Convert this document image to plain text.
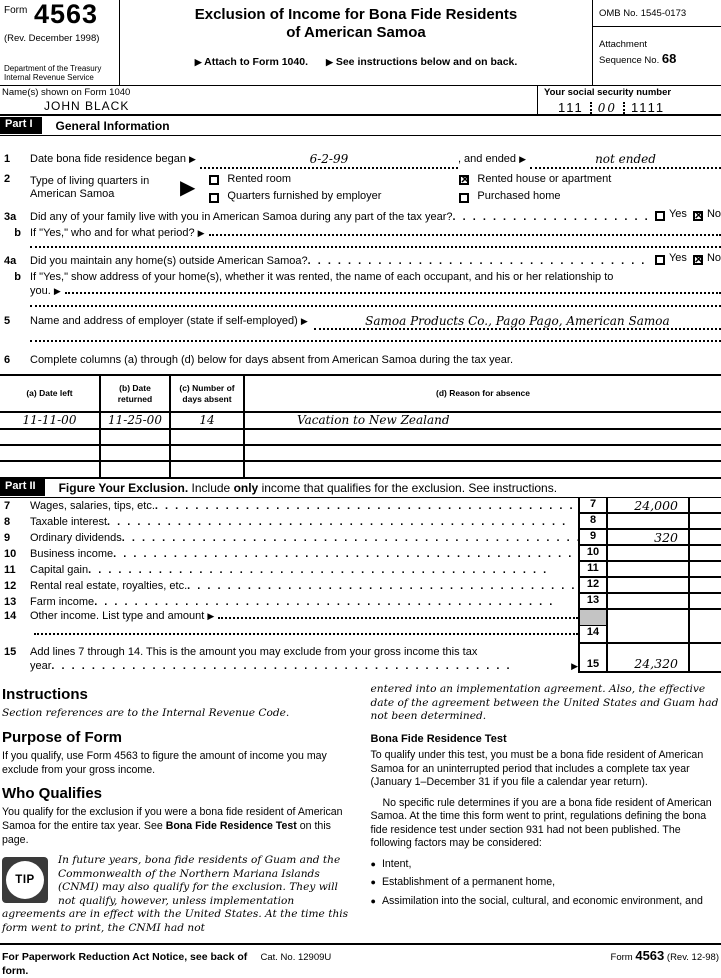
Form 4563
(Rev. December 1998)
Department of the Treasury
Internal Revenue Service
Exclusion of Income for Bona Fide Residents
of American Samoa
▶ Attach to Form 1040. ▶ See instructions below and on back.
OMB No. 1545-0173
Attachment
Sequence No. 68
Name(s) shown on Form 1040
JOHN BLACK
Your social security number
111 00 1111
Part I	General Information
1	Date bona fide residence began
▶	6-2-99	, and ended
▶	not ended
2	Type of living quarters in
American Samoa	▶	Rented room ✕	Rented house or apartment
Quarters furnished by employer	Purchased home
3a	Did any of your family live with you in American Samoa during any part of the tax year? . .	Yes ✕ No
b If "Yes," who and for what period?
▶
4a	Did you maintain any home(s) outside American Samoa? . .	Yes ✕ No
b If "Yes," show address of your home(s), whether it was rented, the name of each occupant, and his or her relationship to
you.
▶
5	Name and address of employer (state if self-employed)
▶	Samoa Products Co., Pago Pago, American Samoa
6	Complete columns (a) through (d) below for days absent from American Samoa during the tax year.
(a) Date left	(b) Date returned	(c) Number of days absent	(d) Reason for absence
11-11-00	11-25-00	14	Vacation to New Zealand

Part II	Figure Your Exclusion. Include only income that qualifies for the exclusion. See instructions.
7	Wages, salaries, tips, etc. . .	7	24,000
8	Taxable interest . .	8
9	Ordinary dividends . .	9	320
10	Business income . .	10
11	Capital gain . .	11
12	Rental real estate, royalties, etc. . .	12
13	Farm income . .	13
14	Other income. List type and amount
▶
14
15	Add lines 7 through 14. This is the amount you may exclude from your gross income this tax
year . .	▶ 15	24,320
Instructions

Section references are to the Internal Revenue Code.

Purpose of Form

If you qualify, use Form 4563 to figure the amount of income you may exclude from your gross income.

Who Qualifies

You qualify for the exclusion if you were a bona fide resident of American Samoa for the entire tax year. See Bona Fide Residence Test on this page.

TIP
In future years, bona fide residents of Guam and the Commonwealth of the Northern Mariana Islands (CNMI) may also qualify for the exclusion. They will not qualify, however, unless implementation agreements are in effect with the United States. At the time this form went to print, the CNMI had not

entered into an implementation agreement. Also, the effective date of the agreement between the United States and Guam had not been determined.

Bona Fide Residence Test

To qualify under this test, you must be a bona fide resident of American Samoa for an uninterrupted period that includes a complete tax year (January 1–December 31 if you file a calendar year return).

No specific rule determines if you are a bona fide resident of American Samoa. At the time this form went to print, regulations defining the bona fide residence test under section 931 had not been published. The following factors may be considered:

● Intent,
● Establishment of a permanent home,
● Assimilation into the social, cultural, and economic environment, and
For Paperwork Reduction Act Notice, see back of form.
Cat. No. 12909U	Form 4563 (Rev. 12-98)
